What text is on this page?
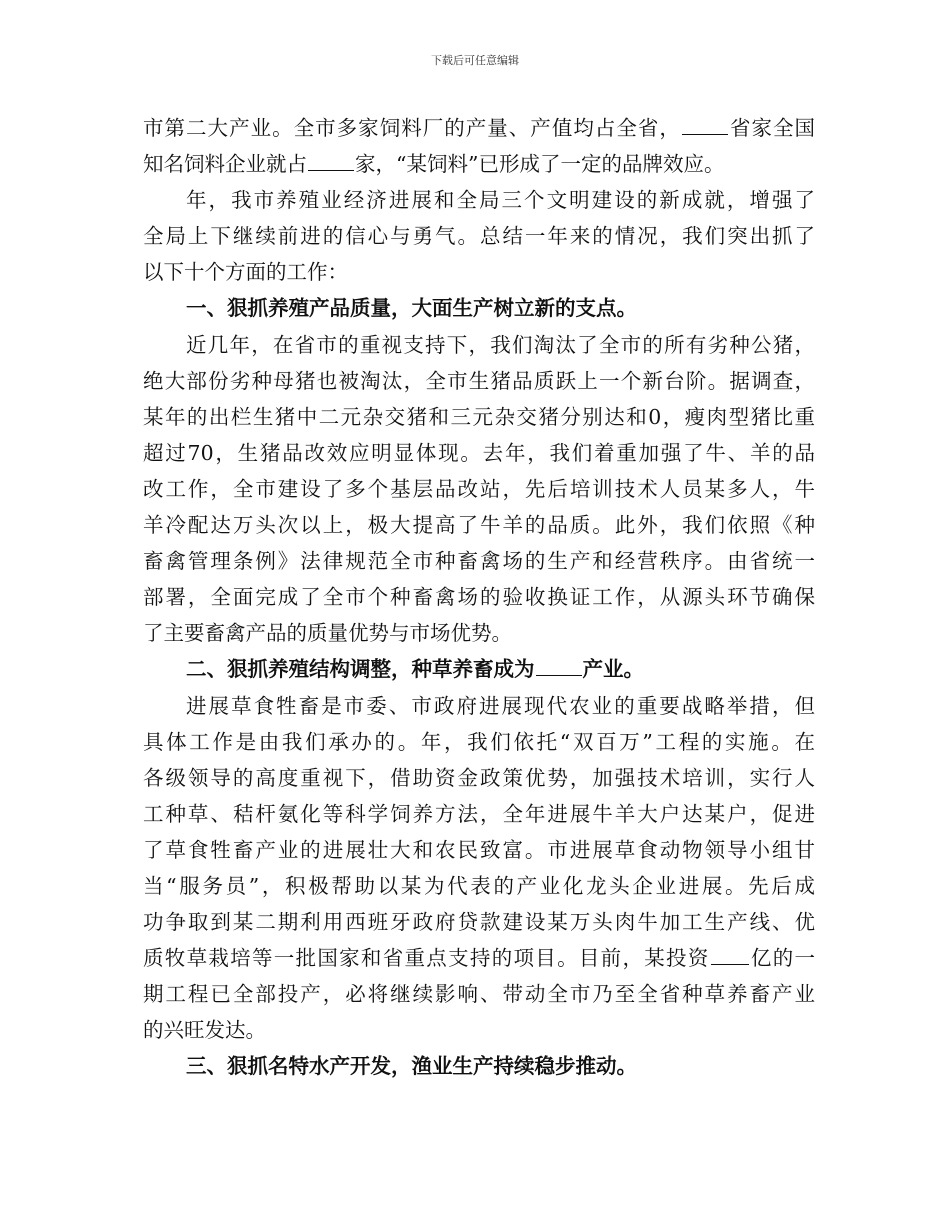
下载后可任意编辑
市第二大产业。全市多家饲料厂的产量、产值均占全省， 省家全国
知名饲料企业就占 家，“某饲料”已形成了一定的品牌效应。
年，我市养殖业经济进展和全局三个文明建设的新成就，增强了
全局上下继续前进的信心与勇气。总结一年来的情况，我们突出抓了
以下十个方面的工作：
一、狠抓养殖产品质量，大面生产树立新的支点。
近几年，在省市的重视支持下，我们淘汰了全市的所有劣种公猪，
绝大部份劣种母猪也被淘汰，全市生猪品质跃上一个新台阶。据调查，
某年的出栏生猪中二元杂交猪和三元杂交猪分别达和0，瘦肉型猪比重
超过70，生猪品改效应明显体现。去年，我们着重加强了牛、羊的品
改工作，全市建设了多个基层品改站，先后培训技术人员某多人，牛
羊冷配达万头次以上，极大提高了牛羊的品质。此外，我们依照《种
畜禽管理条例》法律规范全市种畜禽场的生产和经营秩序。由省统一
部署，全面完成了全市个种畜禽场的验收换证工作，从源头环节确保
了主要畜禽产品的质量优势与市场优势。
二、狠抓养殖结构调整，种草养畜成为 产业。
进展草食牲畜是市委、市政府进展现代农业的重要战略举措，但
具体工作是由我们承办的。年，我们依托“双百万”工程的实施。在
各级领导的高度重视下，借助资金政策优势，加强技术培训，实行人
工种草、秸杆氨化等科学饲养方法，全年进展牛羊大户达某户，促进
了草食牲畜产业的进展壮大和农民致富。市进展草食动物领导小组甘
当“服务员”，积极帮助以某为代表的产业化龙头企业进展。先后成
功争取到某二期利用西班牙政府贷款建设某万头肉牛加工生产线、优
质牧草栽培等一批国家和省重点支持的项目。目前，某投资 亿的一
期工程已全部投产，必将继续影响、带动全市乃至全省种草养畜产业
的兴旺发达。
三、狠抓名特水产开发，渔业生产持续稳步推动。
